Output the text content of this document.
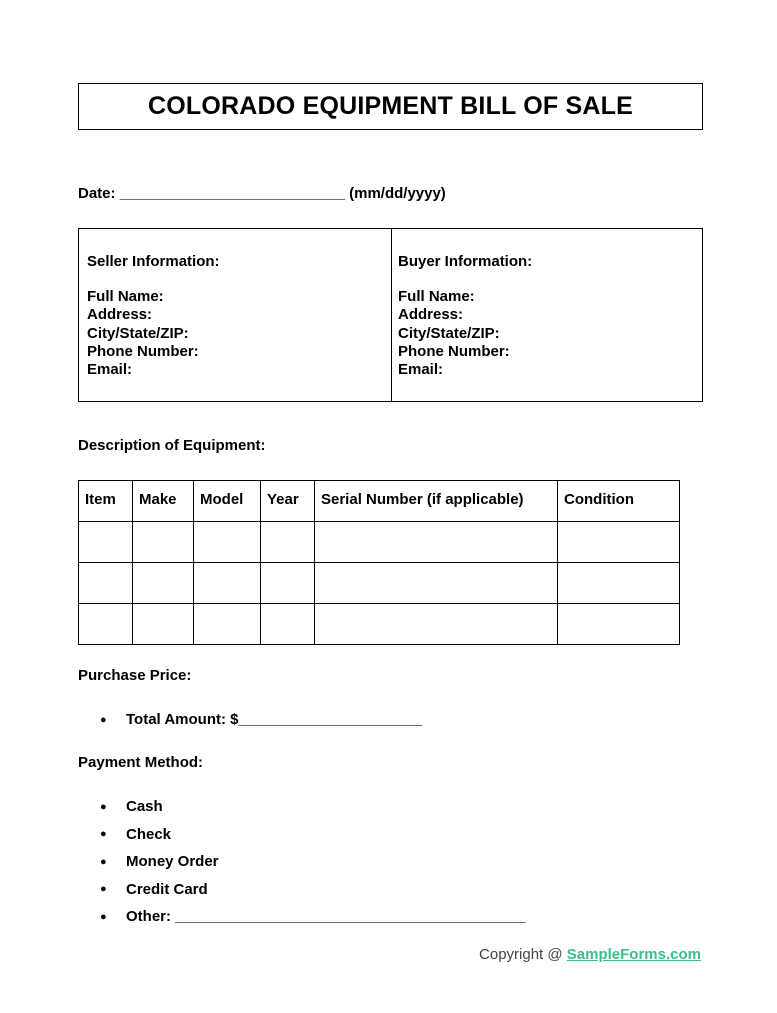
COLORADO EQUIPMENT BILL OF SALE
Date: ___________________________ (mm/dd/yyyy)
Seller Information:
Full Name:
Address:
City/State/ZIP:
Phone Number:
Email:
Buyer Information:
Full Name:
Address:
City/State/ZIP:
Phone Number:
Email:
Description of Equipment:
Item	Make	Model	Year	Serial Number (if applicable)	Condition

Purchase Price:
●	Total Amount: $______________________
Payment Method:
●	Cash
●	Check
●	Money Order
●	Credit Card
●	Other: __________________________________________
Copyright @ SampleForms.com
